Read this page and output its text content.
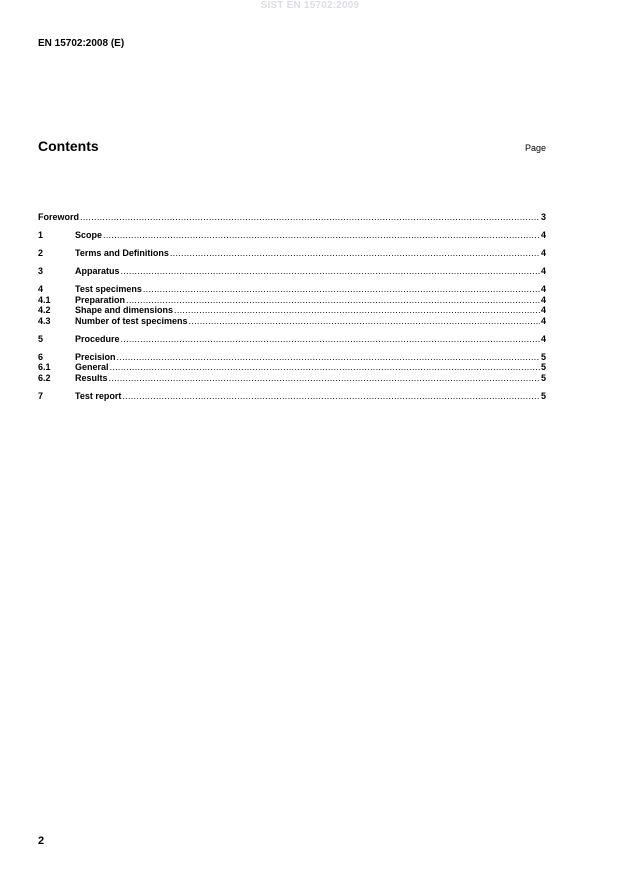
SIST EN 15702:2009
EN 15702:2008 (E)
Contents	Page
Foreword .....	3
1	Scope .....	4
2	Terms and Definitions .....	4
3	Apparatus .....	4
4	Test specimens .....	4
4.1	Preparation .....	4
4.2	Shape and dimensions .....	4
4.3	Number of test specimens .....	4
5	Procedure .....	4
6	Precision .....	5
6.1	General .....	5
6.2	Results .....	5
7	Test report .....	5
2
